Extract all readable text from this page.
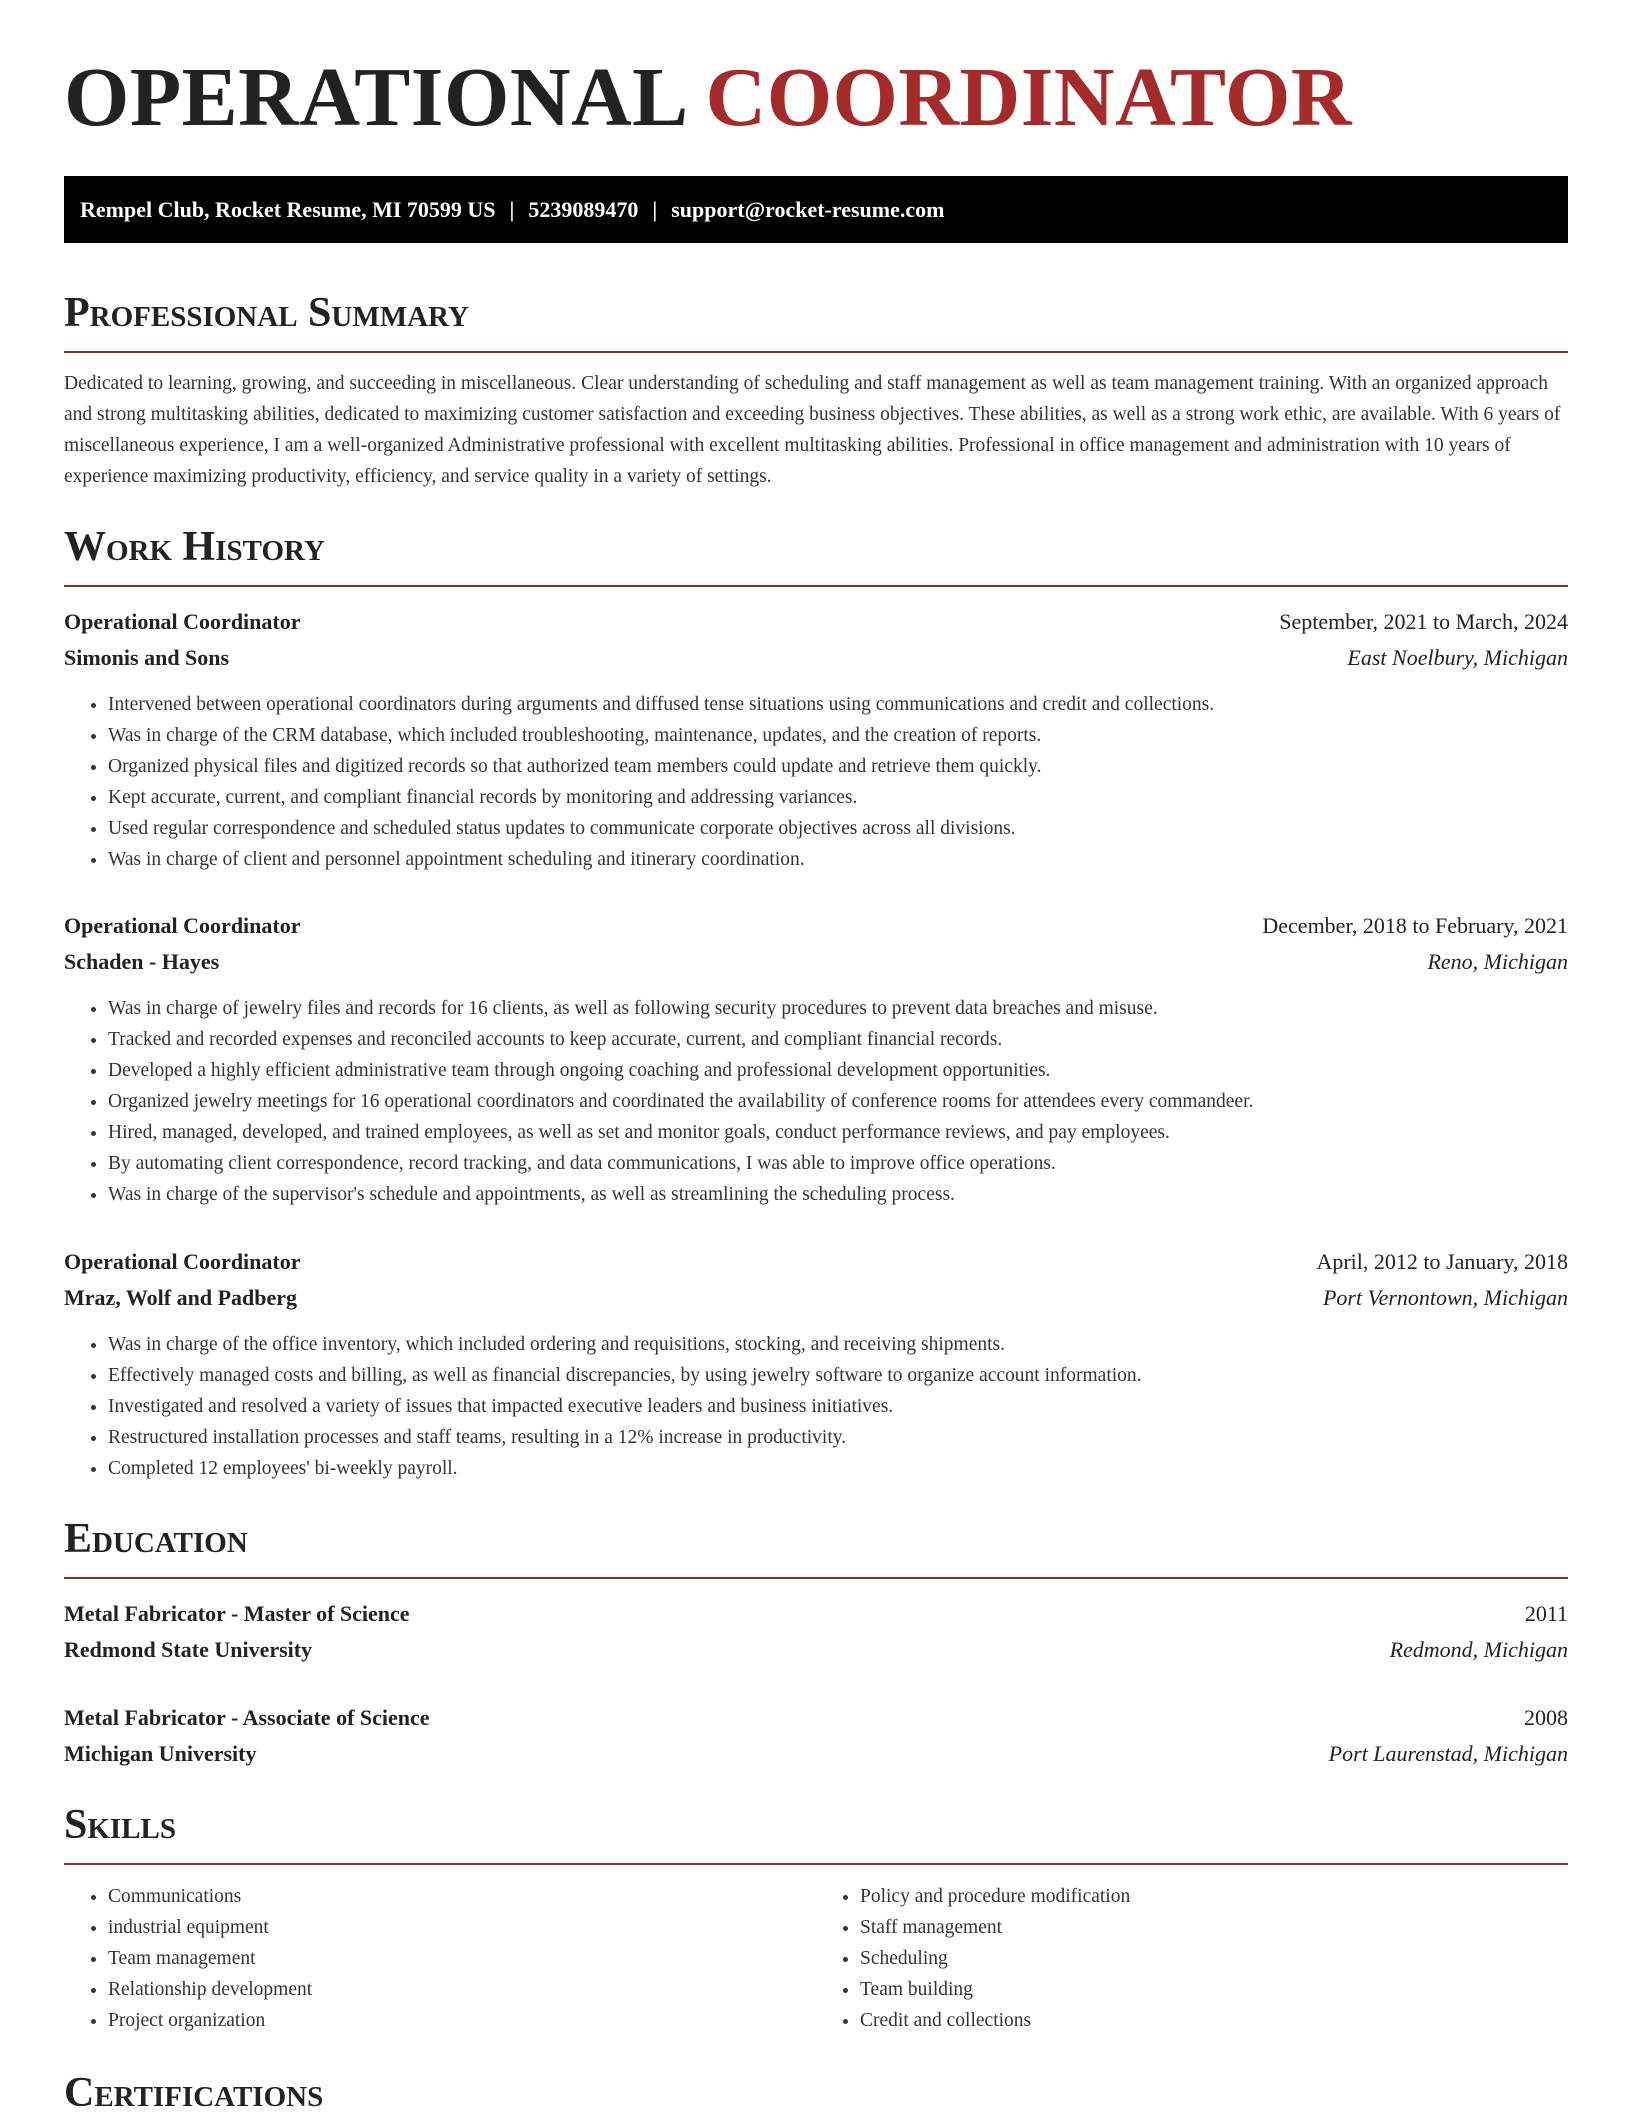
OPERATIONAL COORDINATOR
Rempel Club, Rocket Resume, MI 70599 US | 5239089470 | support@rocket-resume.com
Professional Summary

Dedicated to learning, growing, and succeeding in miscellaneous. Clear understanding of scheduling and staff management as well as team management training. With an organized approach and strong multitasking abilities, dedicated to maximizing customer satisfaction and exceeding business objectives. These abilities, as well as a strong work ethic, are available. With 6 years of miscellaneous experience, I am a well-organized Administrative professional with excellent multitasking abilities. Professional in office management and administration with 10 years of experience maximizing productivity, efficiency, and service quality in a variety of settings.

Work History
Operational Coordinator	September, 2021 to March, 2024
Simonis and Sons	East Noelbury, Michigan
• Intervened between operational coordinators during arguments and diffused tense situations using communications and credit and collections.
• Was in charge of the CRM database, which included troubleshooting, maintenance, updates, and the creation of reports.
• Organized physical files and digitized records so that authorized team members could update and retrieve them quickly.
• Kept accurate, current, and compliant financial records by monitoring and addressing variances.
• Used regular correspondence and scheduled status updates to communicate corporate objectives across all divisions.
• Was in charge of client and personnel appointment scheduling and itinerary coordination.
Operational Coordinator	December, 2018 to February, 2021
Schaden - Hayes	Reno, Michigan
• Was in charge of jewelry files and records for 16 clients, as well as following security procedures to prevent data breaches and misuse.
• Tracked and recorded expenses and reconciled accounts to keep accurate, current, and compliant financial records.
• Developed a highly efficient administrative team through ongoing coaching and professional development opportunities.
• Organized jewelry meetings for 16 operational coordinators and coordinated the availability of conference rooms for attendees every commandeer.
• Hired, managed, developed, and trained employees, as well as set and monitor goals, conduct performance reviews, and pay employees.
• By automating client correspondence, record tracking, and data communications, I was able to improve office operations.
• Was in charge of the supervisor's schedule and appointments, as well as streamlining the scheduling process.
Operational Coordinator	April, 2012 to January, 2018
Mraz, Wolf and Padberg	Port Vernontown, Michigan
• Was in charge of the office inventory, which included ordering and requisitions, stocking, and receiving shipments.
• Effectively managed costs and billing, as well as financial discrepancies, by using jewelry software to organize account information.
• Investigated and resolved a variety of issues that impacted executive leaders and business initiatives.
• Restructured installation processes and staff teams, resulting in a 12% increase in productivity.
• Completed 12 employees' bi-weekly payroll.
Education
Metal Fabricator - Master of Science	2011
Redmond State University	Redmond, Michigan
Metal Fabricator - Associate of Science	2008
Michigan University	Port Laurenstad, Michigan
Skills
• Communications
• industrial equipment
• Team management
• Relationship development
• Project organization
• Policy and procedure modification
• Staff management
• Scheduling
• Team building
• Credit and collections
Certifications
